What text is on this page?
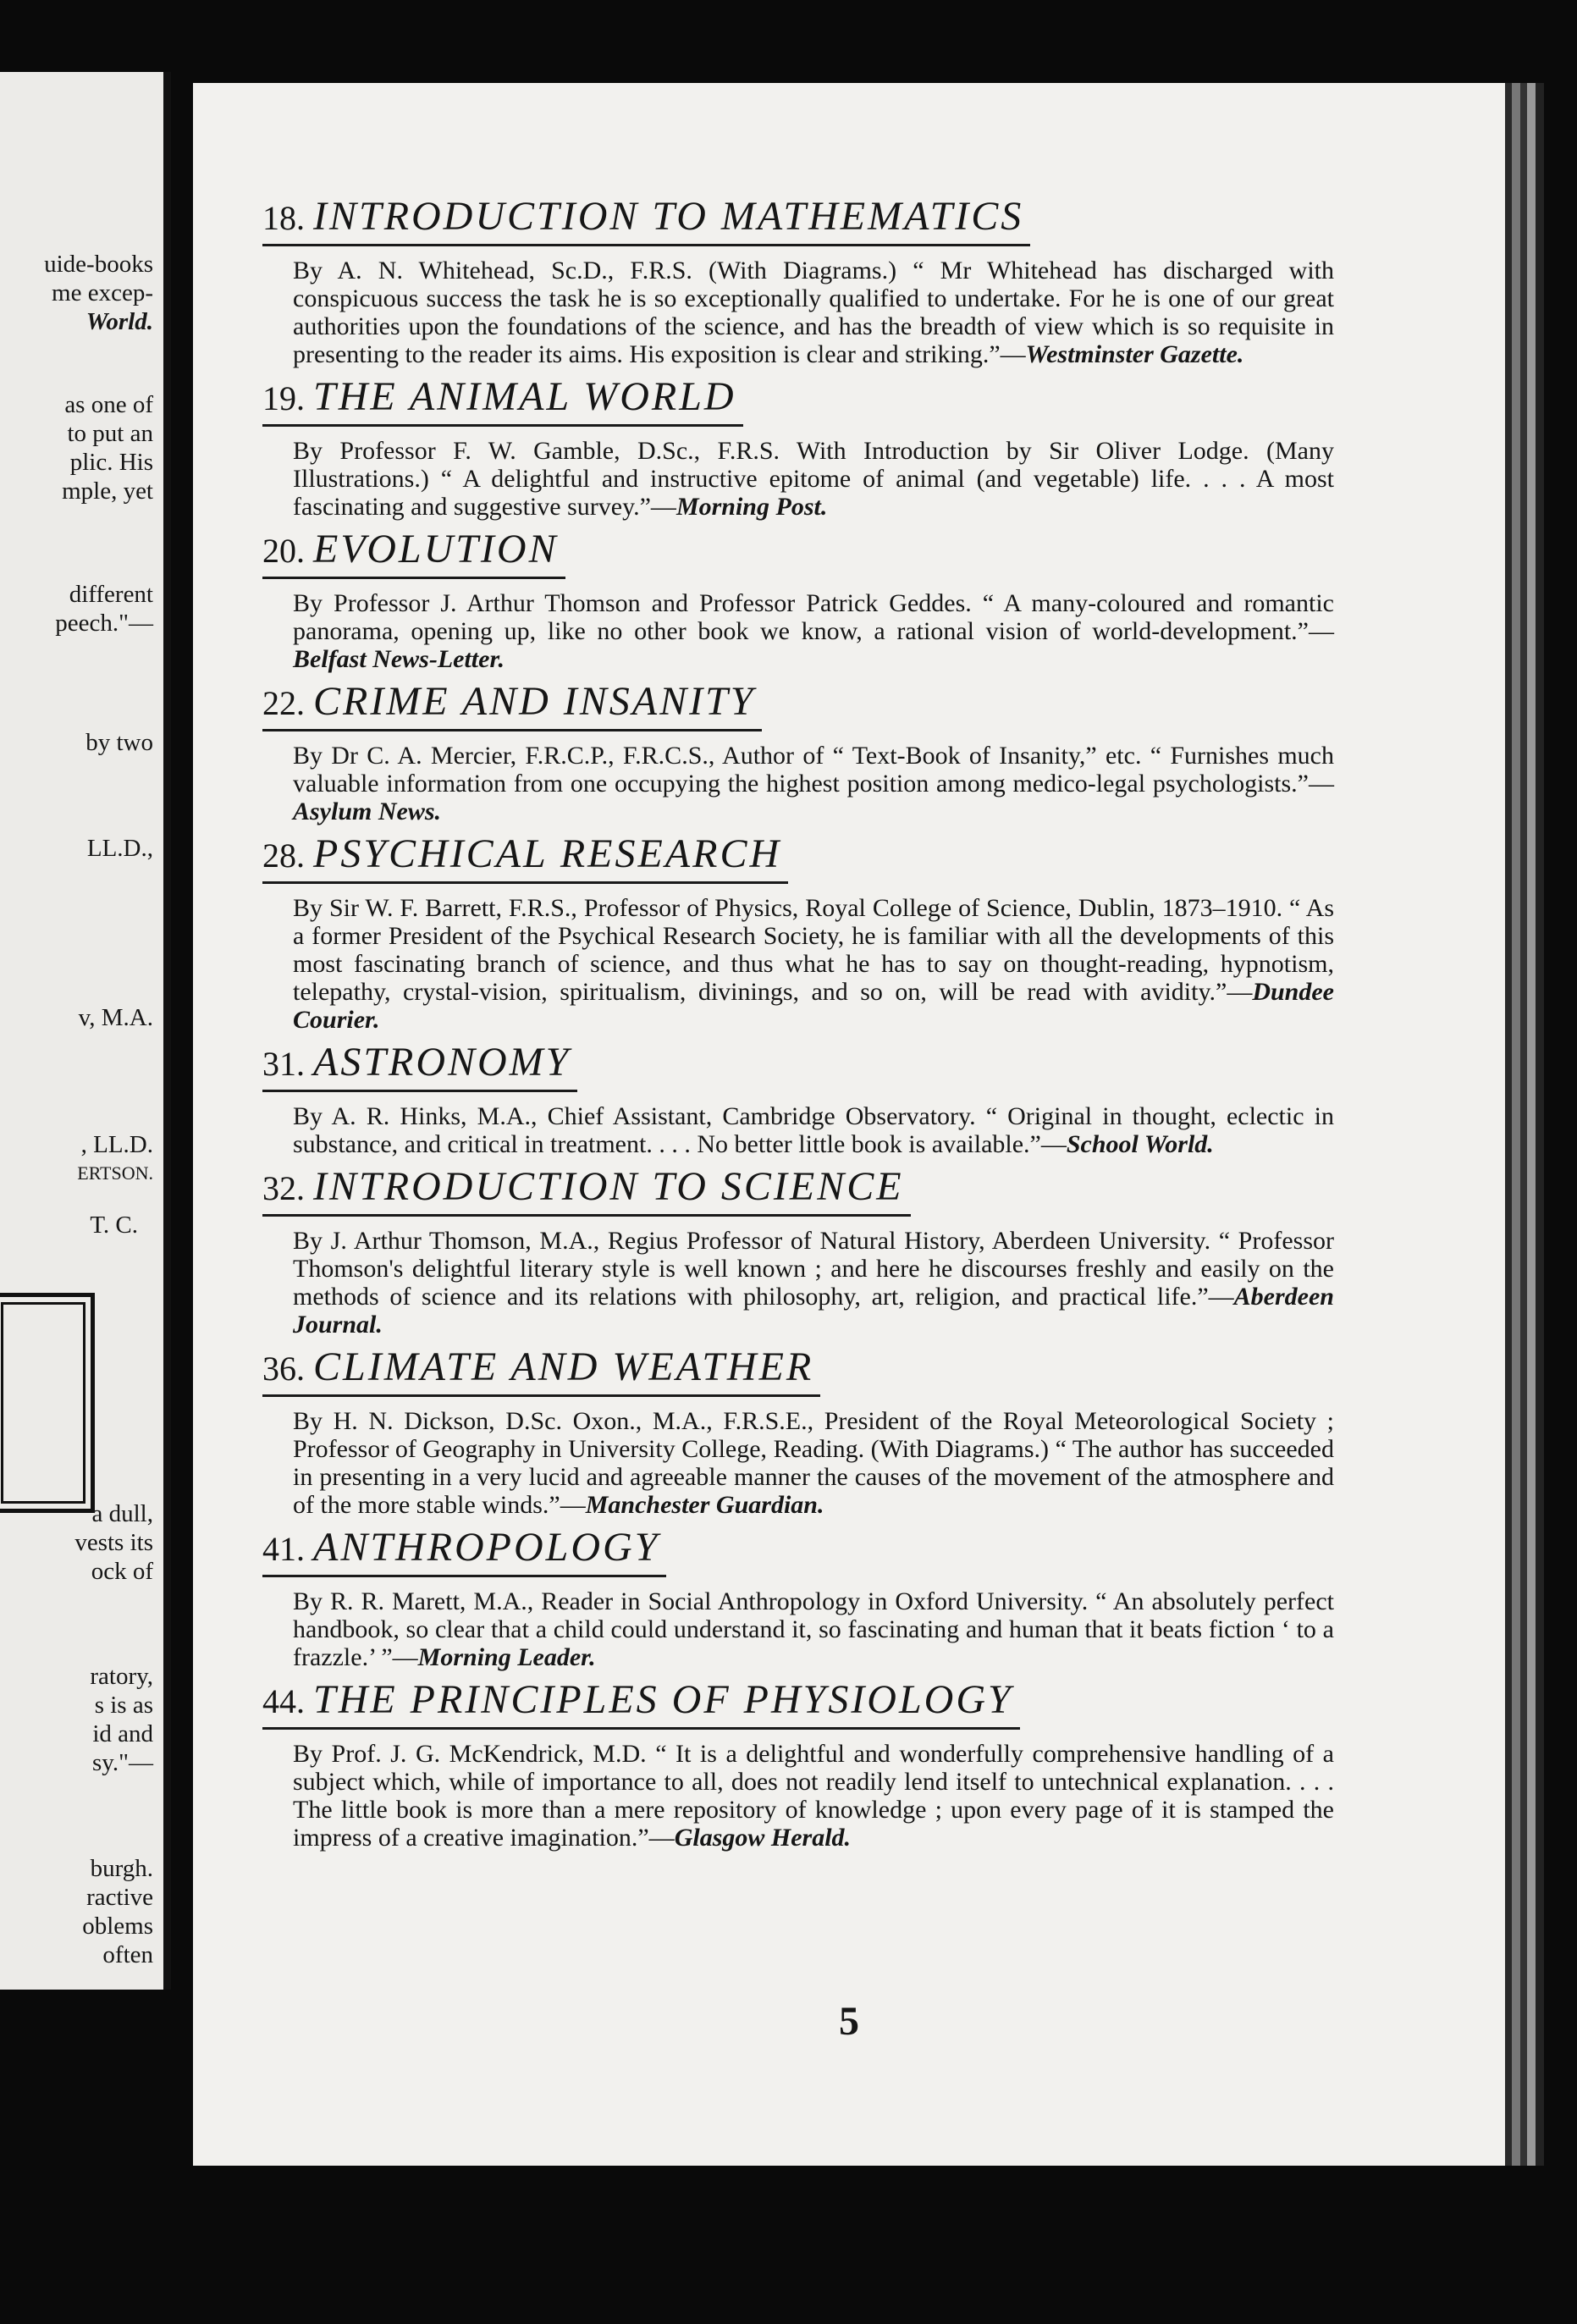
uide-books
me excep-
World.
as one of
to put an
plic. His
mple, yet
different
peech."—
by two
LL.D.,
v, M.A.
, LL.D.
ERTSON.
T. C.
a dull,
vests its
ock of
ratory,
s is as
id and
sy."—
burgh.
ractive
oblems
often
18. INTRODUCTION TO MATHEMATICS

By A. N. Whitehead, Sc.D., F.R.S. (With Diagrams.) “ Mr Whitehead has discharged with conspicuous success the task he is so exceptionally qualified to undertake. For he is one of our great authorities upon the foundations of the science, and has the breadth of view which is so requisite in presenting to the reader its aims. His exposition is clear and striking.”—Westminster Gazette.

19. THE ANIMAL WORLD

By Professor F. W. Gamble, D.Sc., F.R.S. With Introduction by Sir Oliver Lodge. (Many Illustrations.) “ A delightful and instructive epitome of animal (and vegetable) life. . . . A most fascinating and suggestive survey.”—Morning Post.

20. EVOLUTION

By Professor J. Arthur Thomson and Professor Patrick Geddes. “ A many-coloured and romantic panorama, opening up, like no other book we know, a rational vision of world-development.”—Belfast News-Letter.

22. CRIME AND INSANITY

By Dr C. A. Mercier, F.R.C.P., F.R.C.S., Author of “ Text-Book of Insanity,” etc. “ Furnishes much valuable information from one occupying the highest position among medico-legal psychologists.”—Asylum News.

28. PSYCHICAL RESEARCH

By Sir W. F. Barrett, F.R.S., Professor of Physics, Royal College of Science, Dublin, 1873–1910. “ As a former President of the Psychical Research Society, he is familiar with all the developments of this most fascinating branch of science, and thus what he has to say on thought-reading, hypnotism, telepathy, crystal-vision, spiritualism, divinings, and so on, will be read with avidity.”—Dundee Courier.

31. ASTRONOMY

By A. R. Hinks, M.A., Chief Assistant, Cambridge Observatory. “ Original in thought, eclectic in substance, and critical in treatment. . . . No better little book is available.”—School World.

32. INTRODUCTION TO SCIENCE

By J. Arthur Thomson, M.A., Regius Professor of Natural History, Aberdeen University. “ Professor Thomson's delightful literary style is well known ; and here he discourses freshly and easily on the methods of science and its relations with philosophy, art, religion, and practical life.”—Aberdeen Journal.

36. CLIMATE AND WEATHER

By H. N. Dickson, D.Sc. Oxon., M.A., F.R.S.E., President of the Royal Meteorological Society ; Professor of Geography in University College, Reading. (With Diagrams.) “ The author has succeeded in presenting in a very lucid and agreeable manner the causes of the movement of the atmosphere and of the more stable winds.”—Manchester Guardian.

41. ANTHROPOLOGY

By R. R. Marett, M.A., Reader in Social Anthropology in Oxford University. “ An absolutely perfect handbook, so clear that a child could understand it, so fascinating and human that it beats fiction ‘ to a frazzle.’ ”—Morning Leader.

44. THE PRINCIPLES OF PHYSIOLOGY

By Prof. J. G. McKendrick, M.D. “ It is a delightful and wonderfully comprehensive handling of a subject which, while of importance to all, does not readily lend itself to untechnical explanation. . . . The little book is more than a mere repository of knowledge ; upon every page of it is stamped the impress of a creative imagination.”—Glasgow Herald.

5
